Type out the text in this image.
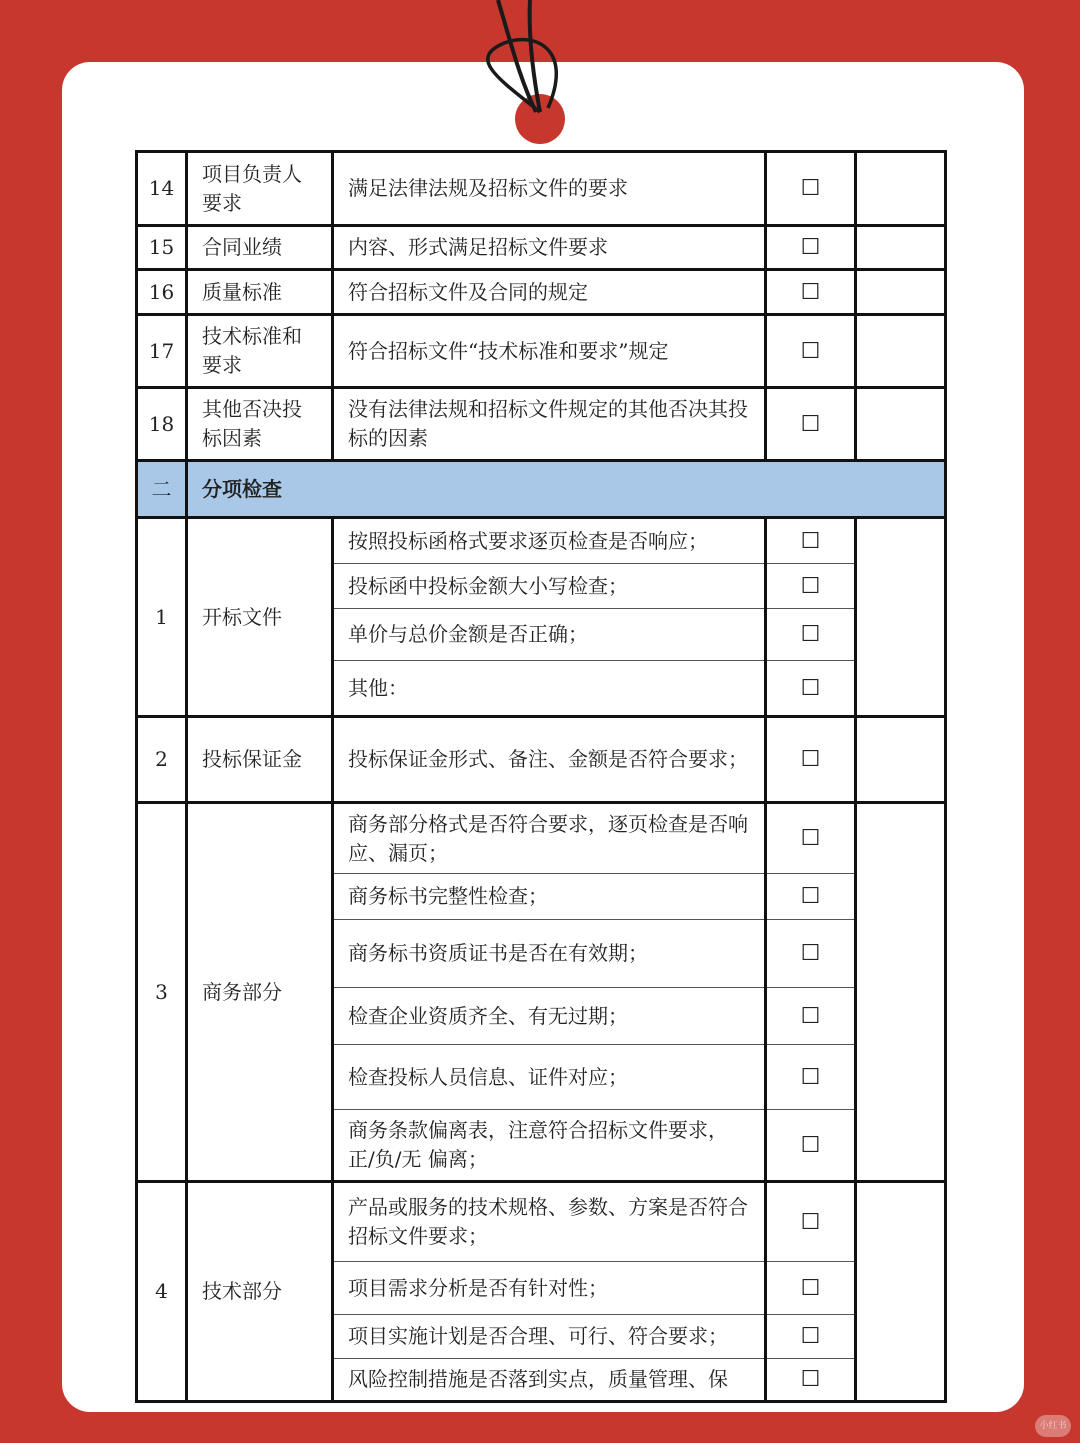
14	项目负责人要求	满足法律法规及招标文件的要求	☐	
15	合同业绩	内容、形式满足招标文件要求	☐	
16	质量标准	符合招标文件及合同的规定	☐	
17	技术标准和要求	符合招标文件“技术标准和要求”规定	☐	
18	其他否决投标因素	没有法律法规和招标文件规定的其他否决其投标的因素	☐	
二	分项检查			
1	开标文件	按照投标函格式要求逐页检查是否响应；	☐	
		投标函中投标金额大小写检查；	☐	
		单价与总价金额是否正确；	☐	
		其他：	☐	
2	投标保证金	投标保证金形式、备注、金额是否符合要求；	☐	
3	商务部分	商务部分格式是否符合要求，逐页检查是否响应、漏页；	☐	
		商务标书完整性检查；	☐	
		商务标书资质证书是否在有效期；	☐	
		检查企业资质齐全、有无过期；	☐	
		检查投标人员信息、证件对应；	☐	
		商务条款偏离表，注意符合招标文件要求，正/负/无 偏离；	☐	
4	技术部分	产品或服务的技术规格、参数、方案是否符合招标文件要求；	☐	
		项目需求分析是否有针对性；	☐	
		项目实施计划是否合理、可行、符合要求；	☐	
		风险控制措施是否落到实点，质量管理、保	☐	
小红书
